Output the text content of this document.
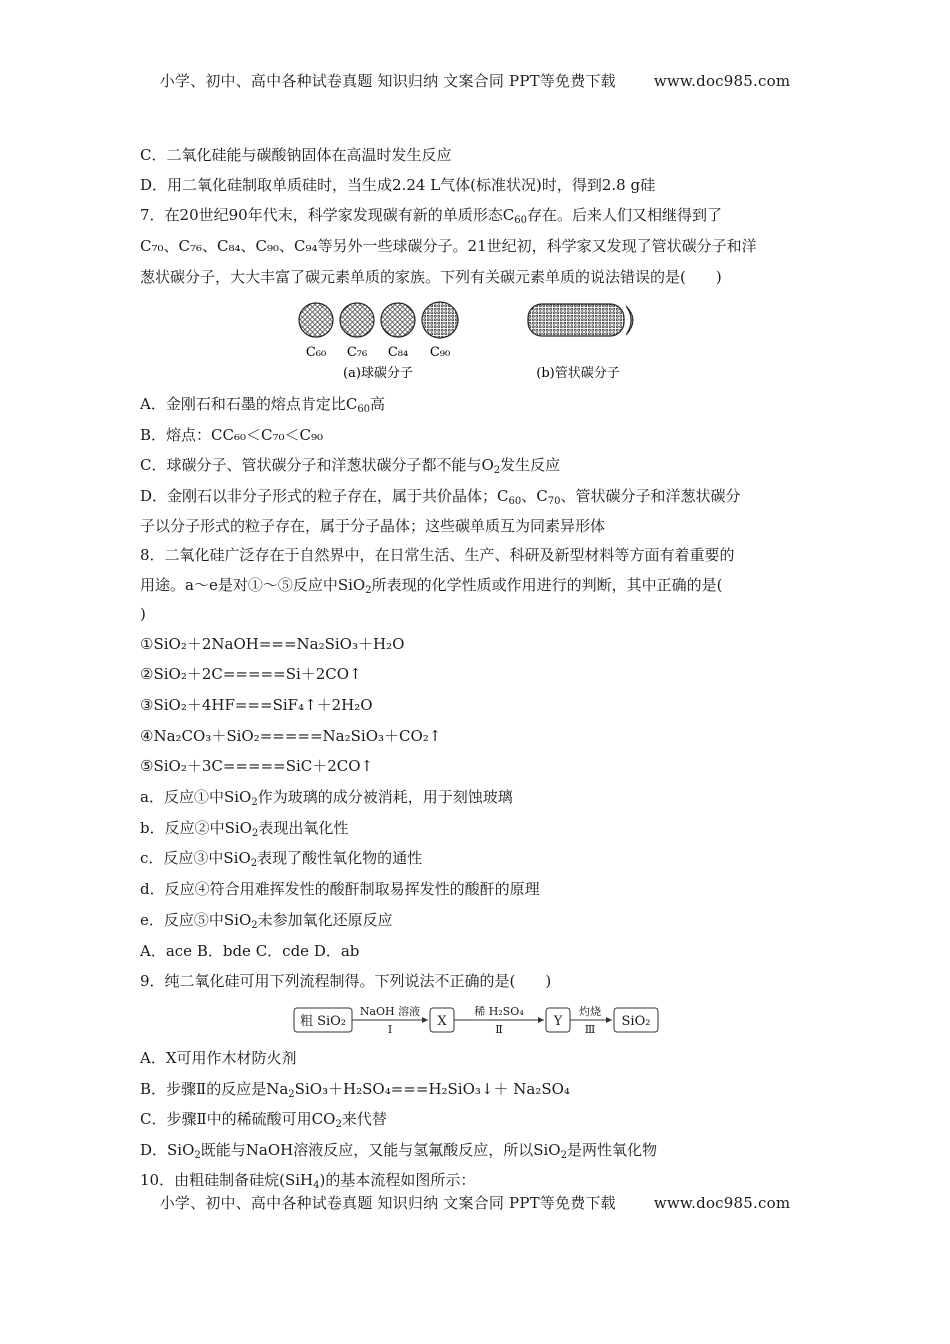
小学、初中、高中各种试卷真题 知识归纳 文案合同 PPT等免费下载	www.doc985.com
C．二氧化硅能与碳酸钠固体在高温时发生反应
D．用二氧化硅制取单质硅时，当生成2.24 L气体(标准状况)时，得到2.8 g硅
7．在20世纪90年代末，科学家发现碳有新的单质形态$C_{60}$存在。后来人们又相继得到了
C₇₀、C₇₆、C₈₄、C₉₀、C₉₄等另外一些球碳分子。21世纪初，科学家又发现了管状碳分子和洋
葱状碳分子，大大丰富了碳元素单质的家族。下列有关碳元素单质的说法错误的是(　　)
C₆₀ C₇₆ C₈₄ C₉₀
(a)球碳分子	(b)管状碳分子
A．金刚石和石墨的熔点肯定比$C_{60}$高
B．熔点：CC₆₀＜C₇₀＜C₉₀
C．球碳分子、管状碳分子和洋葱状碳分子都不能与$O_2$发生反应
D．金刚石以非分子形式的粒子存在，属于共价晶体；$C_{60}$、$C_{70}$、管状碳分子和洋葱状碳分
子以分子形式的粒子存在，属于分子晶体；这些碳单质互为同素异形体
8．二氧化硅广泛存在于自然界中，在日常生活、生产、科研及新型材料等方面有着重要的
用途。a～e是对①～⑤反应中SiO$_2$所表现的化学性质或作用进行的判断，其中正确的是(
)
①SiO₂＋2NaOH===Na₂SiO₃＋H₂O
②SiO₂＋2C=====Si＋2CO↑
③SiO₂＋4HF===SiF₄↑＋2H₂O
④Na₂CO₃＋SiO₂=====Na₂SiO₃＋CO₂↑
⑤SiO₂＋3C=====SiC＋2CO↑
a．反应①中SiO$_2$作为玻璃的成分被消耗，用于刻蚀玻璃
b．反应②中SiO$_2$表现出氧化性
c．反应③中SiO$_2$表现了酸性氧化物的通性
d．反应④符合用难挥发性的酸酐制取易挥发性的酸酐的原理
e．反应⑤中SiO$_2$未参加氧化还原反应
A．ace B．bde C．cde D．ab
9．纯二氧化硅可用下列流程制得。下列说法不正确的是(　　)
粗 SiO₂
NaOH 溶液
Ⅰ
X
稀 H₂SO₄
Ⅱ
Y
灼烧
Ⅲ
SiO₂
A．X可用作木材防火剂
B．步骤Ⅱ的反应是$Na_2SiO_3+H_2SO_4===H_2SiO_3↓+ Na_2SO_4$
C．步骤Ⅱ中的稀硫酸可用$CO_2$来代替
D．SiO$_2$既能与NaOH溶液反应，又能与氢氟酸反应，所以SiO$_2$是两性氧化物
10．由粗硅制备硅烷(SiH$_4$)的基本流程如图所示：
小学、初中、高中各种试卷真题 知识归纳 文案合同 PPT等免费下载	www.doc985.com
